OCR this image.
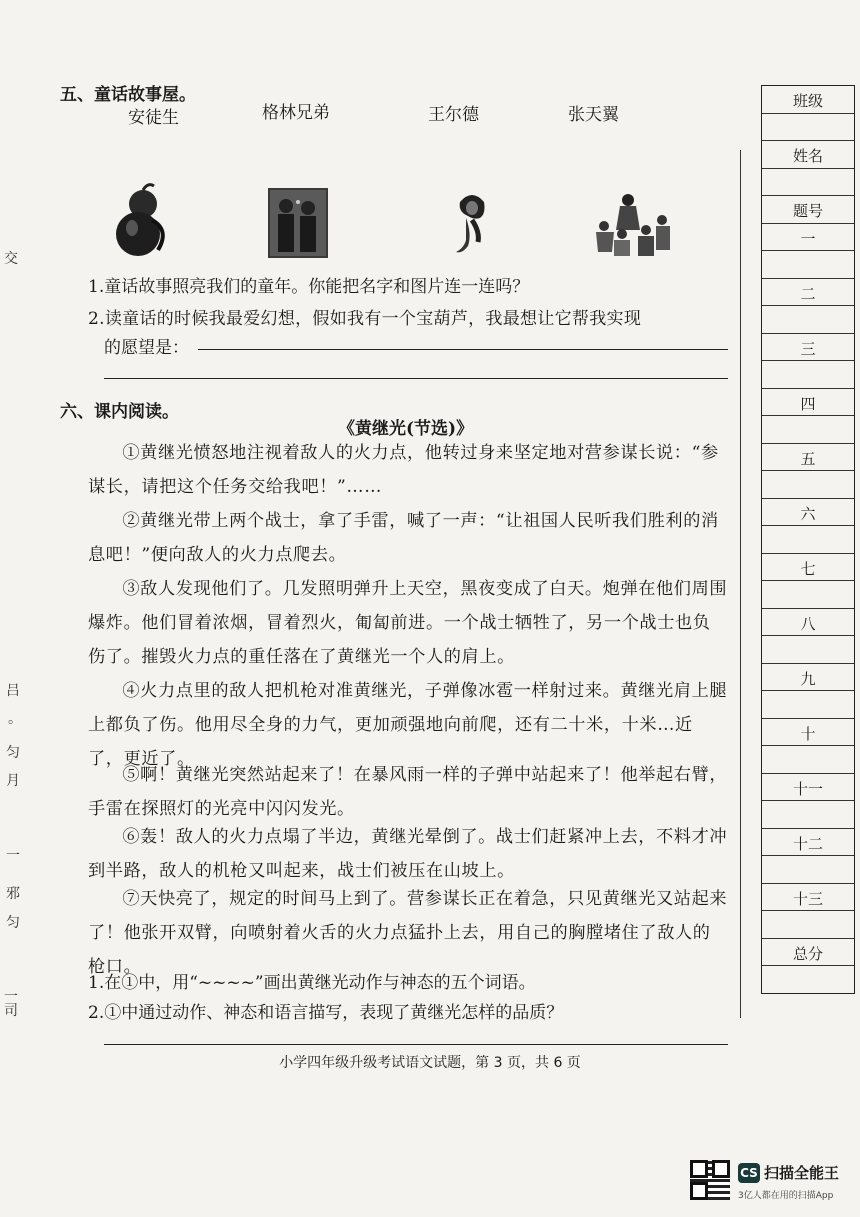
五、童话故事屋。
安徒生	格林兄弟	王尔德	张天翼
1.童话故事照亮我们的童年。你能把名字和图片连一连吗？
2.读童话的时候我最爱幻想，假如我有一个宝葫芦，我最想让它帮我实现
的愿望是：
六、课内阅读。
《黄继光(节选)》
①黄继光愤怒地注视着敌人的火力点，他转过身来坚定地对营参谋长说：“参谋长，请把这个任务交给我吧！”……
②黄继光带上两个战士，拿了手雷，喊了一声：“让祖国人民听我们胜利的消息吧！”便向敌人的火力点爬去。
③敌人发现他们了。几发照明弹升上天空，黑夜变成了白天。炮弹在他们周围爆炸。他们冒着浓烟，冒着烈火，匍匐前进。一个战士牺牲了，另一个战士也负伤了。摧毁火力点的重任落在了黄继光一个人的肩上。
④火力点里的敌人把机枪对准黄继光，子弹像冰雹一样射过来。黄继光肩上腿上都负了伤。他用尽全身的力气，更加顽强地向前爬，还有二十米，十米…近了，更近了。
⑤啊！黄继光突然站起来了！在暴风雨一样的子弹中站起来了！他举起右臂，手雷在探照灯的光亮中闪闪发光。
⑥轰！敌人的火力点塌了半边，黄继光晕倒了。战士们赶紧冲上去，不料才冲到半路，敌人的机枪又叫起来，战士们被压在山坡上。
⑦天快亮了，规定的时间马上到了。营参谋长正在着急，只见黄继光又站起来了！他张开双臂，向喷射着火舌的火力点猛扑上去，用自己的胸膛堵住了敌人的枪口。
1.在①中，用“~~~~”画出黄继光动作与神态的五个词语。
2.①中通过动作、神态和语言描写，表现了黄继光怎样的品质？
小学四年级升级考试语文试题，第 3 页，共 6 页
班级
姓名
题号
一
二
三
四
五
六
七
八
九
十
十一
十二
十三
总分
交
吕
。
匀
月
一
邪
匀
一
司
CS 扫描全能王
3亿人都在用的扫描App
